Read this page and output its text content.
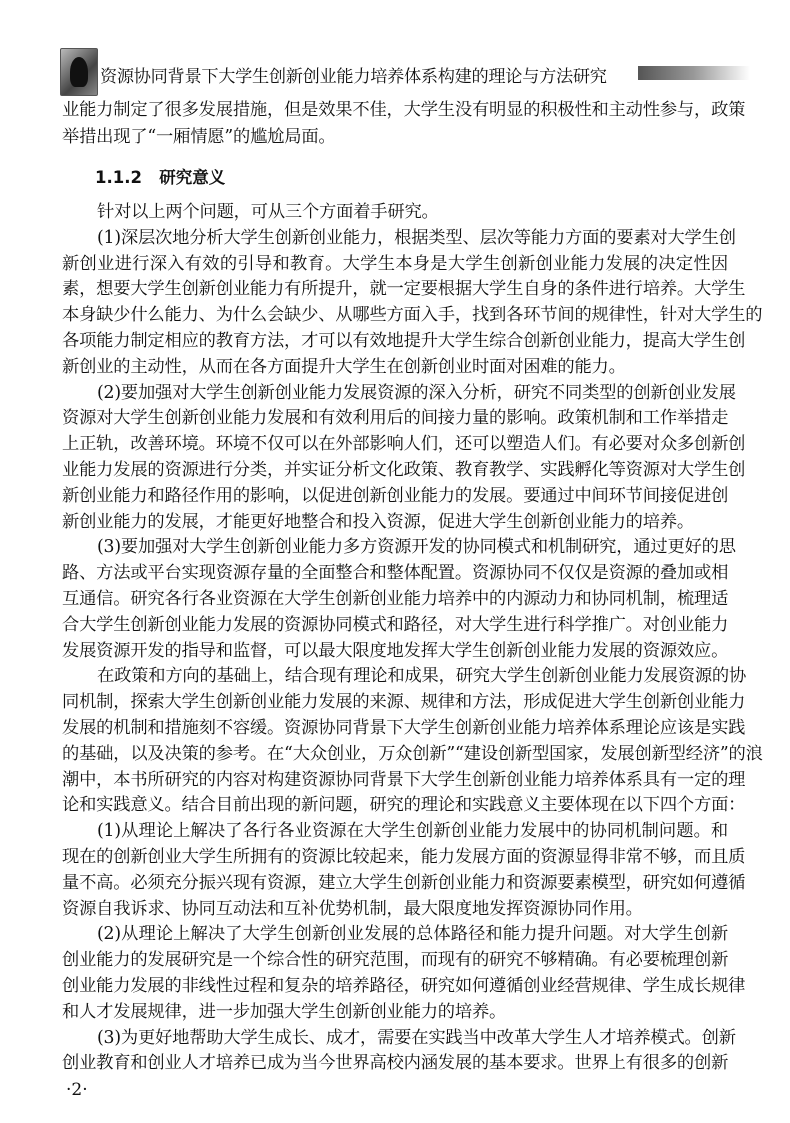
资源协同背景下大学生创新创业能力培养体系构建的理论与方法研究
业能力制定了很多发展措施，但是效果不佳，大学生没有明显的积极性和主动性参与，政策
举措出现了“一厢情愿”的尴尬局面。
1.1.2 研究意义
针对以上两个问题，可从三个方面着手研究。
(1)深层次地分析大学生创新创业能力，根据类型、层次等能力方面的要素对大学生创
新创业进行深入有效的引导和教育。大学生本身是大学生创新创业能力发展的决定性因
素，想要大学生创新创业能力有所提升，就一定要根据大学生自身的条件进行培养。大学生
本身缺少什么能力、为什么会缺少、从哪些方面入手，找到各环节间的规律性，针对大学生的
各项能力制定相应的教育方法，才可以有效地提升大学生综合创新创业能力，提高大学生创
新创业的主动性，从而在各方面提升大学生在创新创业时面对困难的能力。
(2)要加强对大学生创新创业能力发展资源的深入分析，研究不同类型的创新创业发展
资源对大学生创新创业能力发展和有效利用后的间接力量的影响。政策机制和工作举措走
上正轨，改善环境。环境不仅可以在外部影响人们，还可以塑造人们。有必要对众多创新创
业能力发展的资源进行分类，并实证分析文化政策、教育教学、实践孵化等资源对大学生创
新创业能力和路径作用的影响，以促进创新创业能力的发展。要通过中间环节间接促进创
新创业能力的发展，才能更好地整合和投入资源，促进大学生创新创业能力的培养。
(3)要加强对大学生创新创业能力多方资源开发的协同模式和机制研究，通过更好的思
路、方法或平台实现资源存量的全面整合和整体配置。资源协同不仅仅是资源的叠加或相
互通信。研究各行各业资源在大学生创新创业能力培养中的内源动力和协同机制，梳理适
合大学生创新创业能力发展的资源协同模式和路径，对大学生进行科学推广。对创业能力
发展资源开发的指导和监督，可以最大限度地发挥大学生创新创业能力发展的资源效应。
在政策和方向的基础上，结合现有理论和成果，研究大学生创新创业能力发展资源的协
同机制，探索大学生创新创业能力发展的来源、规律和方法，形成促进大学生创新创业能力
发展的机制和措施刻不容缓。资源协同背景下大学生创新创业能力培养体系理论应该是实践
的基础，以及决策的参考。在“大众创业，万众创新”“建设创新型国家，发展创新型经济”的浪
潮中，本书所研究的内容对构建资源协同背景下大学生创新创业能力培养体系具有一定的理
论和实践意义。结合目前出现的新问题，研究的理论和实践意义主要体现在以下四个方面：
(1)从理论上解决了各行各业资源在大学生创新创业能力发展中的协同机制问题。和
现在的创新创业大学生所拥有的资源比较起来，能力发展方面的资源显得非常不够，而且质
量不高。必须充分振兴现有资源，建立大学生创新创业能力和资源要素模型，研究如何遵循
资源自我诉求、协同互动法和互补优势机制，最大限度地发挥资源协同作用。
(2)从理论上解决了大学生创新创业发展的总体路径和能力提升问题。对大学生创新
创业能力的发展研究是一个综合性的研究范围，而现有的研究不够精确。有必要梳理创新
创业能力发展的非线性过程和复杂的培养路径，研究如何遵循创业经营规律、学生成长规律
和人才发展规律，进一步加强大学生创新创业能力的培养。
(3)为更好地帮助大学生成长、成才，需要在实践当中改革大学生人才培养模式。创新
创业教育和创业人才培养已成为当今世界高校内涵发展的基本要求。世界上有很多的创新
·2·
